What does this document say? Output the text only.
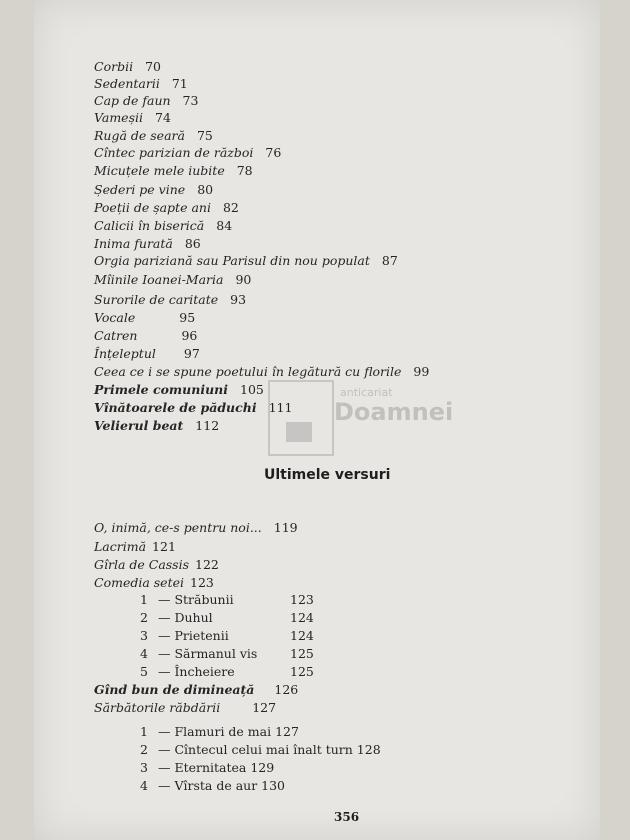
Corbii 70
Sedentarii 71
Cap de faun 73
Vameșii 74
Rugă de seară 75
Cîntec parizian de război 76
Micuțele mele iubite 78
Șederi pe vine 80
Poeții de șapte ani 82
Calicii în biserică 84
Inima furată 86
Orgia pariziană sau Parisul din nou populat 87
Mîinile Ioanei-Maria 90
Surorile de caritate 93
Vocale	95
Catren	96
Înțeleptul 97
Ceea ce i se spune poetului în legătură cu florile 99
Primele comuniuni 105
Vînătoarele de păduchi 111
Velierul beat 112
Ultimele versuri
O, inimă, ce-s pentru noi... 119
Lacrimă 121
Gîrla de Cassis 122
Comedia setei 123
1 — Străbunii	123
2 — Duhul	124
3 — Prietenii	124
4 — Sărmanul vis	125
5 — Încheiere	125
Gînd bun de dimineață 126
Sărbătorile răbdării	127
1 — Flamuri de mai 127
2 — Cîntecul celui mai înalt turn 128
3 — Eternitatea 129
4 — Vîrsta de aur 130
anticariat
Doamnei
356
